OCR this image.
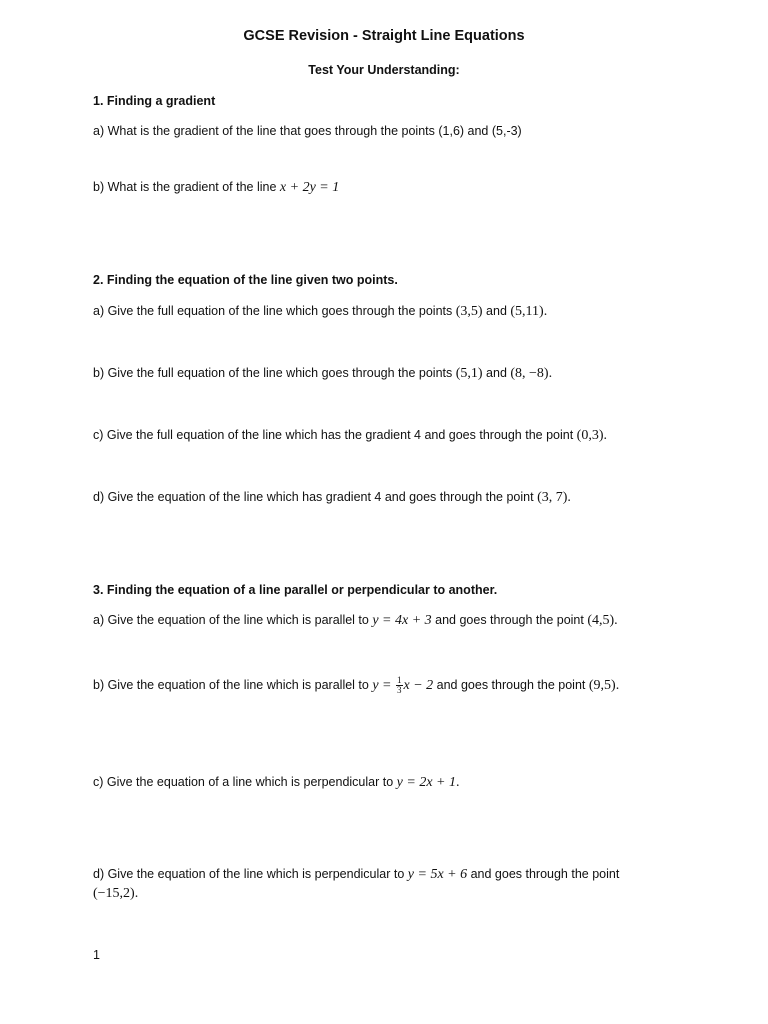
GCSE Revision - Straight Line Equations
Test Your Understanding:
1. Finding a gradient
a) What is the gradient of the line that goes through the points (1,6) and (5,-3)
b) What is the gradient of the line x + 2y = 1
2. Finding the equation of the line given two points.
a) Give the full equation of the line which goes through the points (3,5) and (5,11).
b) Give the full equation of the line which goes through the points (5,1) and (8, −8).
c) Give the full equation of the line which has the gradient 4 and goes through the point (0,3).
d) Give the equation of the line which has gradient 4 and goes through the point (3, 7).
3. Finding the equation of a line parallel or perpendicular to another.
a) Give the equation of the line which is parallel to y = 4x + 3 and goes through the point (4,5).
b) Give the equation of the line which is parallel to $y = \frac{1}{3}$ x − 2 and goes through the point (9,5).
c) Give the equation of a line which is perpendicular to y = 2x + 1.
d) Give the equation of the line which is perpendicular to y = 5x + 6 and goes through the point
(−15,2).
1
